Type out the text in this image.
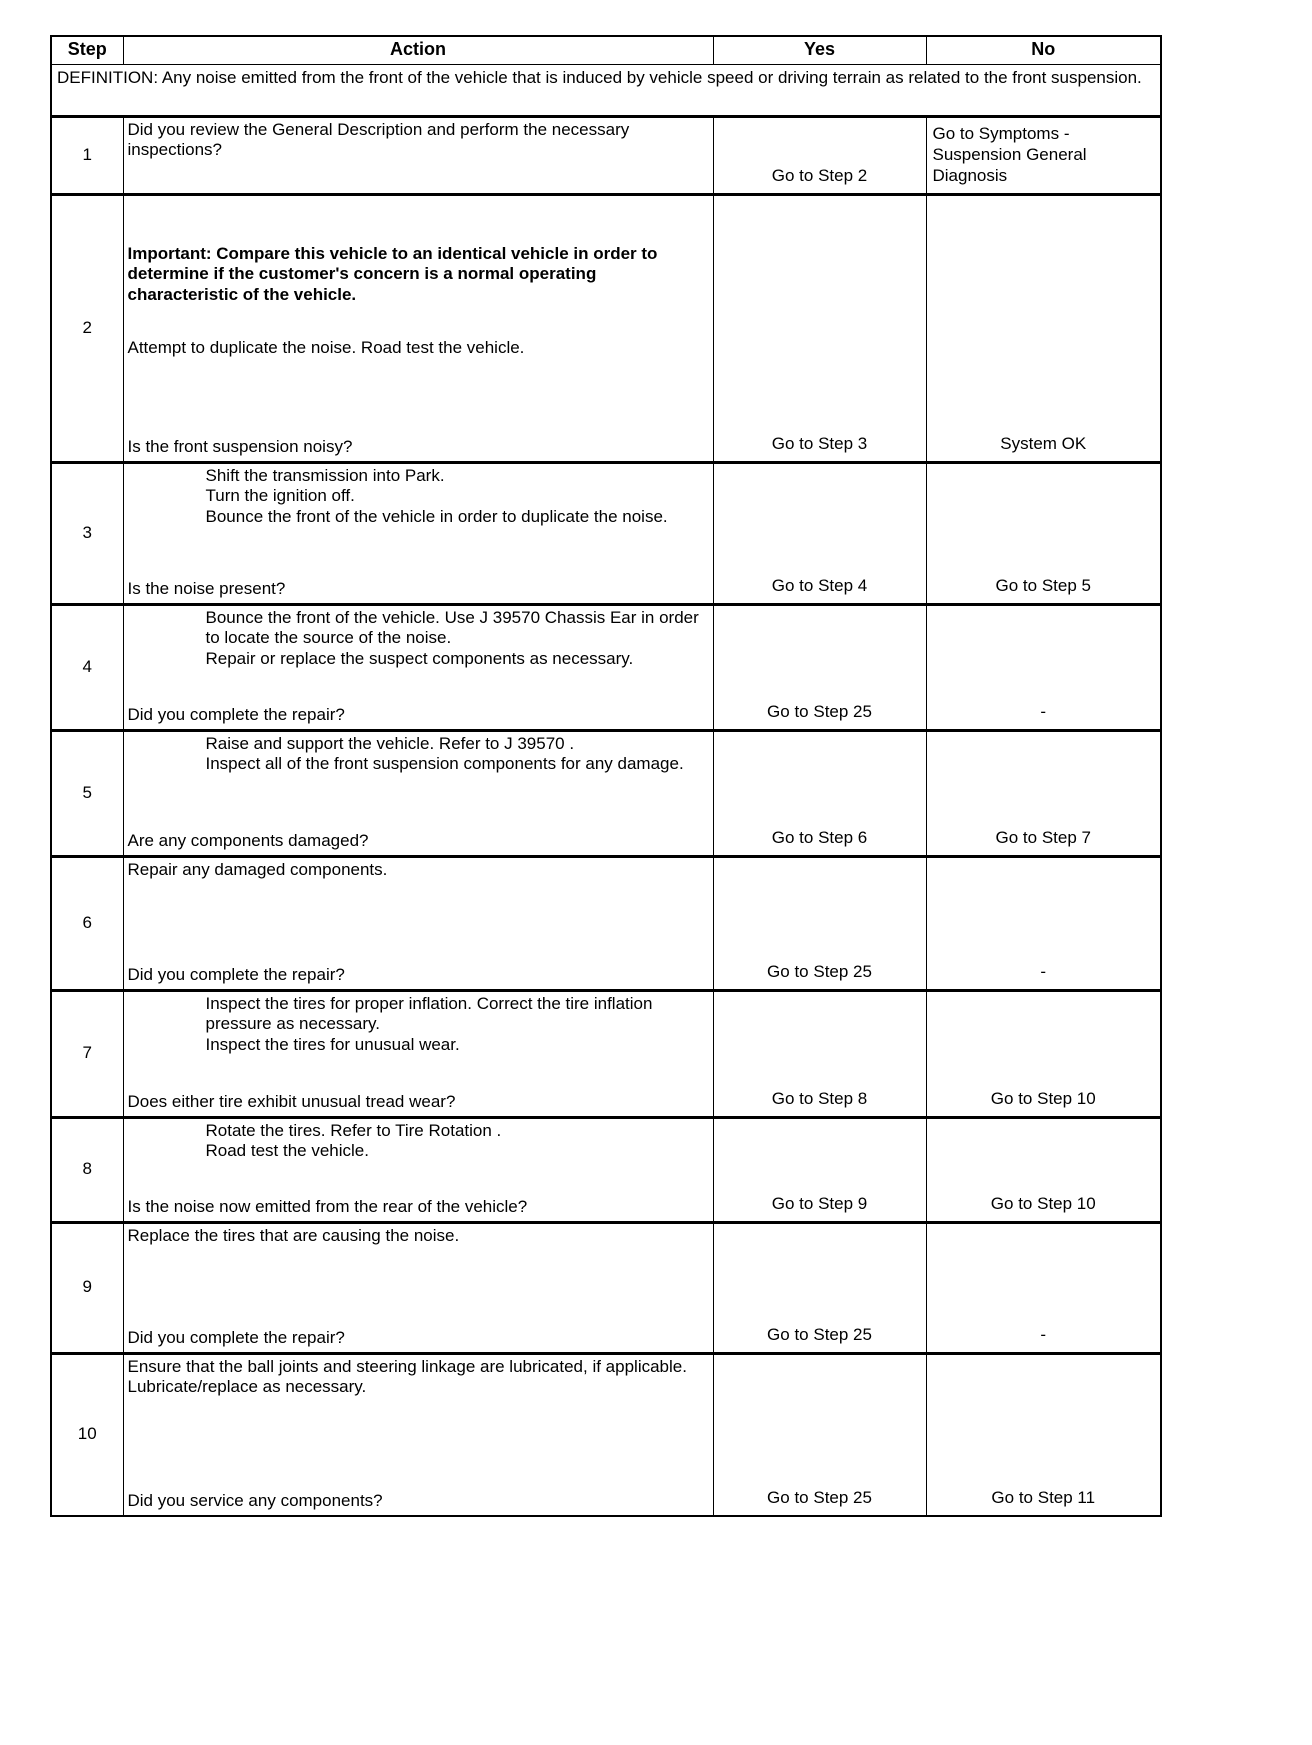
Step	Action	Yes	No
DEFINITION: Any noise emitted from the front of the vehicle that is induced by vehicle speed or driving terrain as related to the front suspension.			
1	Did you review the General Description and perform the necessary inspections?	Go to Step 2	Go to Symptoms - Suspension General Diagnosis
2	Important: Compare this vehicle to an identical vehicle in order to determine if the customer's concern is a normal operating characteristic of the vehicle.
Attempt to duplicate the noise. Road test the vehicle.
Is the front suspension noisy?	Go to Step 3	System OK
3	Shift the transmission into Park.
Turn the ignition off.
Bounce the front of the vehicle in order to duplicate the noise.
Is the noise present?	Go to Step 4	Go to Step 5
4	Bounce the front of the vehicle. Use J 39570 Chassis Ear in order to locate the source of the noise.
Repair or replace the suspect components as necessary.
Did you complete the repair?	Go to Step 25	-
5	Raise and support the vehicle. Refer to J 39570 .
Inspect all of the front suspension components for any damage.
Are any components damaged?	Go to Step 6	Go to Step 7
6	Repair any damaged components.
Did you complete the repair?	Go to Step 25	-
7	Inspect the tires for proper inflation. Correct the tire inflation pressure as necessary.
Inspect the tires for unusual wear.
Does either tire exhibit unusual tread wear?	Go to Step 8	Go to Step 10
8	Rotate the tires. Refer to Tire Rotation .
Road test the vehicle.
Is the noise now emitted from the rear of the vehicle?	Go to Step 9	Go to Step 10
9	Replace the tires that are causing the noise.
Did you complete the repair?	Go to Step 25	-
10	Ensure that the ball joints and steering linkage are lubricated, if applicable. Lubricate/replace as necessary.
Did you service any components?	Go to Step 25	Go to Step 11
